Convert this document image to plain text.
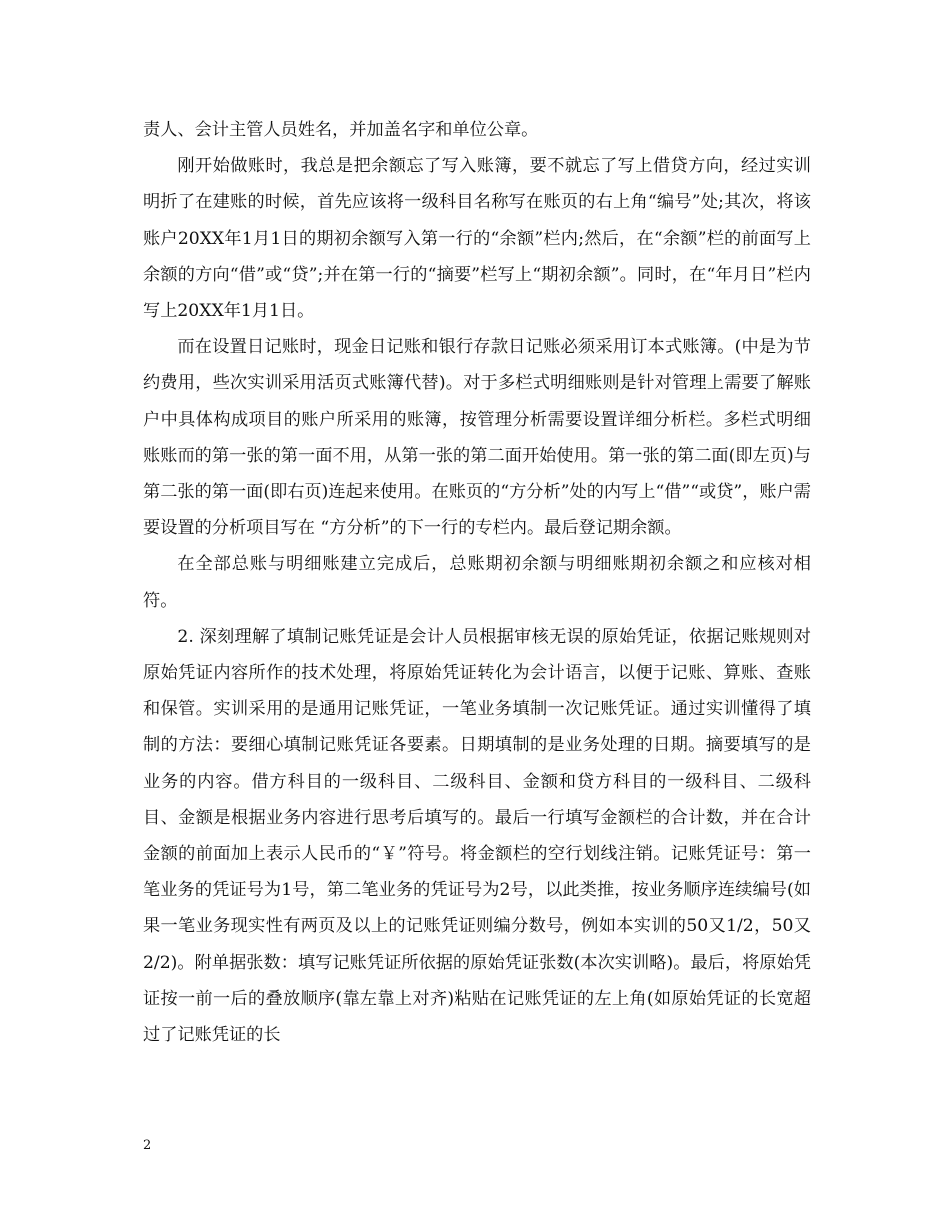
责人、会计主管人员姓名，并加盖名字和单位公章。

刚开始做账时，我总是把余额忘了写入账簿，要不就忘了写上借贷方向，经过实训明折了在建账的时候，首先应该将一级科目名称写在账页的右上角“编号”处;其次，将该账户20XX年1月1日的期初余额写入第一行的“余额”栏内;然后，在“余额”栏的前面写上余额的方向“借”或“贷”;并在第一行的“摘要”栏写上“期初余额”。同时，在“年月日”栏内写上20XX年1月1日。

而在设置日记账时，现金日记账和银行存款日记账必须采用订本式账簿。(中是为节约费用，些次实训采用活页式账簿代替)。对于多栏式明细账则是针对管理上需要了解账户中具体构成项目的账户所采用的账簿，按管理分析需要设置详细分析栏。多栏式明细账账而的第一张的第一面不用，从第一张的第二面开始使用。第一张的第二面(即左页)与第二张的第一面(即右页)连起来使用。在账页的“方分析”处的内写上“借”“或贷”，账户需要设置的分析项目写在 “方分析”的下一行的专栏内。最后登记期余额。

在全部总账与明细账建立完成后，总账期初余额与明细账期初余额之和应核对相符。

2. 深刻理解了填制记账凭证是会计人员根据审核无误的原始凭证，依据记账规则对原始凭证内容所作的技术处理，将原始凭证转化为会计语言，以便于记账、算账、查账和保管。实训采用的是通用记账凭证，一笔业务填制一次记账凭证。通过实训懂得了填制的方法：要细心填制记账凭证各要素。日期填制的是业务处理的日期。摘要填写的是业务的内容。借方科目的一级科目、二级科目、金额和贷方科目的一级科目、二级科目、金额是根据业务内容进行思考后填写的。最后一行填写金额栏的合计数，并在合计金额的前面加上表示人民币的“￥”符号。将金额栏的空行划线注销。记账凭证号：第一笔业务的凭证号为1号，第二笔业务的凭证号为2号，以此类推，按业务顺序连续编号(如果一笔业务现实性有两页及以上的记账凭证则编分数号，例如本实训的50又1/2，50又2/2)。附单据张数：填写记账凭证所依据的原始凭证张数(本次实训略)。最后，将原始凭证按一前一后的叠放顺序(靠左靠上对齐)粘贴在记账凭证的左上角(如原始凭证的长宽超过了记账凭证的长

2
